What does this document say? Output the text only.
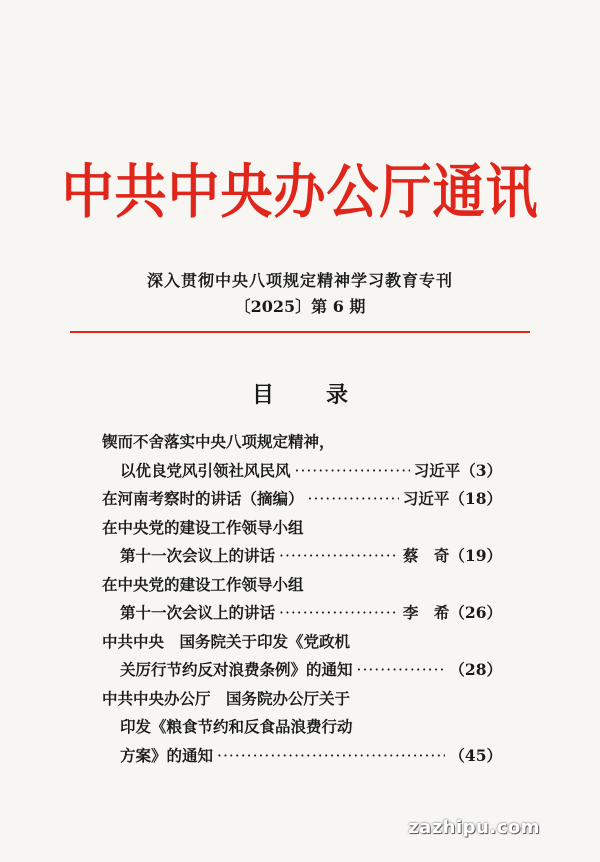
中共中央办公厅通讯
深入贯彻中央八项规定精神学习教育专刊
〔2025〕第 6 期
目 录
锲而不舍落实中央八项规定精神，
以优良党风引领社风民风 ·····	习近平 （3）
在河南考察时的讲话（摘编） ·····	习近平 （18）
在中央党的建设工作领导小组
第十一次会议上的讲话 ·····	蔡　奇 （19）
在中央党的建设工作领导小组
第十一次会议上的讲话 ·····	李　希 （26）
中共中央　国务院关于印发《党政机
关厉行节约反对浪费条例》的通知 ·····	（28）
中共中央办公厅　国务院办公厅关于
印发《粮食节约和反食品浪费行动
方案》的通知 ·····	（45）
zazhipu.com
